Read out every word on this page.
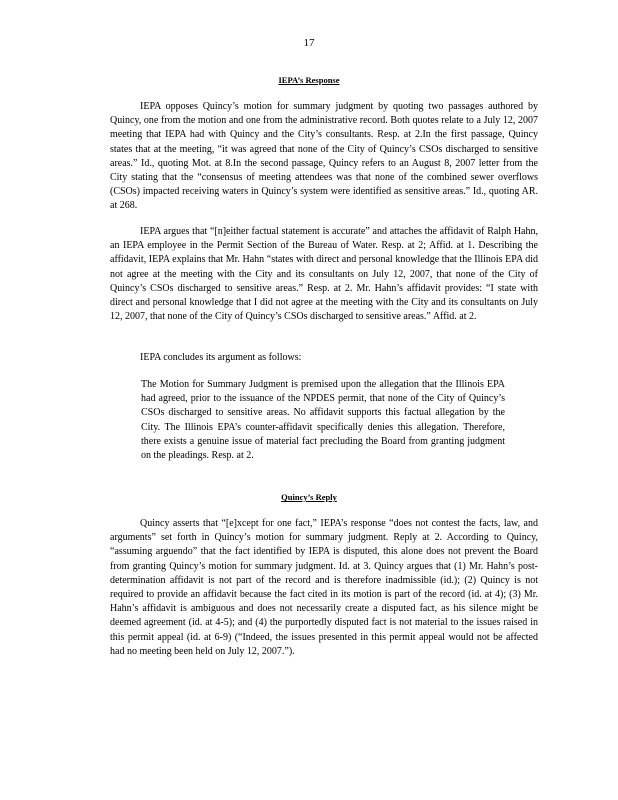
17
IEPA’s Response

IEPA opposes Quincy’s motion for summary judgment by quoting two passages authored by Quincy, one from the motion and one from the administrative record. Both quotes relate to a July 12, 2007 meeting that IEPA had with Quincy and the City’s consultants. Resp. at 2.In the first passage, Quincy states that at the meeting, “it was agreed that none of the City of Quincy’s CSOs discharged to sensitive areas.” Id., quoting Mot. at 8.In the second passage, Quincy refers to an August 8, 2007 letter from the City stating that the “consensus of meeting attendees was that none of the combined sewer overflows (CSOs) impacted receiving waters in Quincy’s system were identified as sensitive areas.” Id., quoting AR. at 268.

IEPA argues that “[n]either factual statement is accurate” and attaches the affidavit of Ralph Hahn, an IEPA employee in the Permit Section of the Bureau of Water. Resp. at 2; Affid. at 1. Describing the affidavit, IEPA explains that Mr. Hahn “states with direct and personal knowledge that the Illinois EPA did not agree at the meeting with the City and its consultants on July 12, 2007, that none of the City of Quincy’s CSOs discharged to sensitive areas.” Resp. at 2. Mr. Hahn’s affidavit provides: “I state with direct and personal knowledge that I did not agree at the meeting with the City and its consultants on July 12, 2007, that none of the City of Quincy’s CSOs discharged to sensitive areas.” Affid. at 2.

IEPA concludes its argument as follows:

The Motion for Summary Judgment is premised upon the allegation that the Illinois EPA had agreed, prior to the issuance of the NPDES permit, that none of the City of Quincy’s CSOs discharged to sensitive areas. No affidavit supports this factual allegation by the City. The Illinois EPA’s counter-affidavit specifically denies this allegation. Therefore, there exists a genuine issue of material fact precluding the Board from granting judgment on the pleadings. Resp. at 2.

Quincy’s Reply

Quincy asserts that “[e]xcept for one fact,” IEPA’s response “does not contest the facts, law, and arguments” set forth in Quincy’s motion for summary judgment. Reply at 2. According to Quincy, “assuming arguendo” that the fact identified by IEPA is disputed, this alone does not prevent the Board from granting Quincy’s motion for summary judgment. Id. at 3. Quincy argues that (1) Mr. Hahn’s post-determination affidavit is not part of the record and is therefore inadmissible (id.); (2) Quincy is not required to provide an affidavit because the fact cited in its motion is part of the record (id. at 4); (3) Mr. Hahn’s affidavit is ambiguous and does not necessarily create a disputed fact, as his silence might be deemed agreement (id. at 4-5); and (4) the purportedly disputed fact is not material to the issues raised in this permit appeal (id. at 6-9) (“Indeed, the issues presented in this permit appeal would not be affected had no meeting been held on July 12, 2007.”).
